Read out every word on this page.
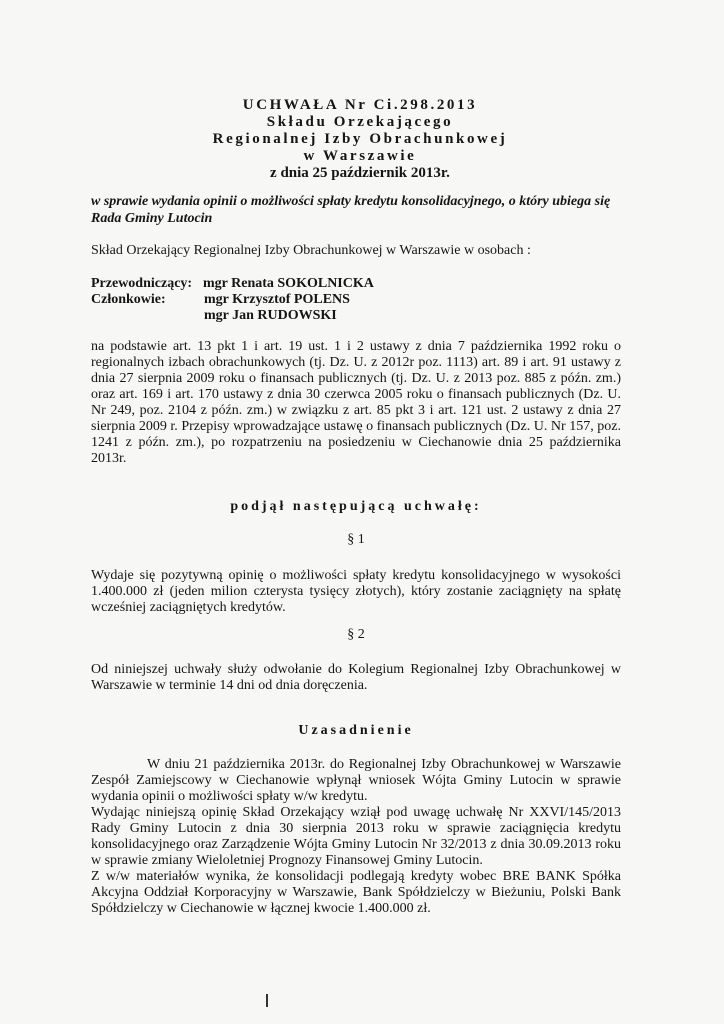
UCHWAŁA Nr Ci.298.2013
Składu Orzekającego
Regionalnej Izby Obrachunkowej
w Warszawie
z dnia 25 październik 2013r.
w sprawie wydania opinii o możliwości spłaty kredytu konsolidacyjnego, o który ubiega się Rada Gminy Lutocin
Skład Orzekający Regionalnej Izby Obrachunkowej w Warszawie w osobach :
Przewodniczący: mgr Renata SOKOLNICKA
Członkowie:	mgr Krzysztof POLENS
mgr Jan RUDOWSKI
na podstawie art. 13 pkt 1 i art. 19 ust. 1 i 2 ustawy z dnia 7 października 1992 roku o regionalnych izbach obrachunkowych (tj. Dz. U. z 2012r poz. 1113) art. 89 i art. 91 ustawy z dnia 27 sierpnia 2009 roku o finansach publicznych (tj. Dz. U. z 2013 poz. 885 z późn. zm.) oraz art. 169 i art. 170 ustawy z dnia 30 czerwca 2005 roku o finansach publicznych (Dz. U. Nr 249, poz. 2104 z późn. zm.) w związku z art. 85 pkt 3 i art. 121 ust. 2 ustawy z dnia 27 sierpnia 2009 r. Przepisy wprowadzające ustawę o finansach publicznych (Dz. U. Nr 157, poz. 1241 z późn. zm.), po rozpatrzeniu na posiedzeniu w Ciechanowie dnia 25 października 2013r.
podjął następującą uchwałę:
§ 1
Wydaje się pozytywną opinię o możliwości spłaty kredytu konsolidacyjnego w wysokości 1.400.000 zł (jeden milion czterysta tysięcy złotych), który zostanie zaciągnięty na spłatę wcześniej zaciągniętych kredytów.
§ 2
Od niniejszej uchwały służy odwołanie do Kolegium Regionalnej Izby Obrachunkowej w Warszawie w terminie 14 dni od dnia doręczenia.
Uzasadnienie

W dniu 21 października 2013r. do Regionalnej Izby Obrachunkowej w Warszawie Zespół Zamiejscowy w Ciechanowie wpłynął wniosek Wójta Gminy Lutocin w sprawie wydania opinii o możliwości spłaty w/w kredytu.

Wydając niniejszą opinię Skład Orzekający wziął pod uwagę uchwałę Nr XXVI/145/2013 Rady Gminy Lutocin z dnia 30 sierpnia 2013 roku w sprawie zaciągnięcia kredytu konsolidacyjnego oraz Zarządzenie Wójta Gminy Lutocin Nr 32/2013 z dnia 30.09.2013 roku w sprawie zmiany Wieloletniej Prognozy Finansowej Gminy Lutocin.

Z w/w materiałów wynika, że konsolidacji podlegają kredyty wobec BRE BANK Spółka Akcyjna Oddział Korporacyjny w Warszawie, Bank Spółdzielczy w Bieżuniu, Polski Bank Spółdzielczy w Ciechanowie w łącznej kwocie 1.400.000 zł.
